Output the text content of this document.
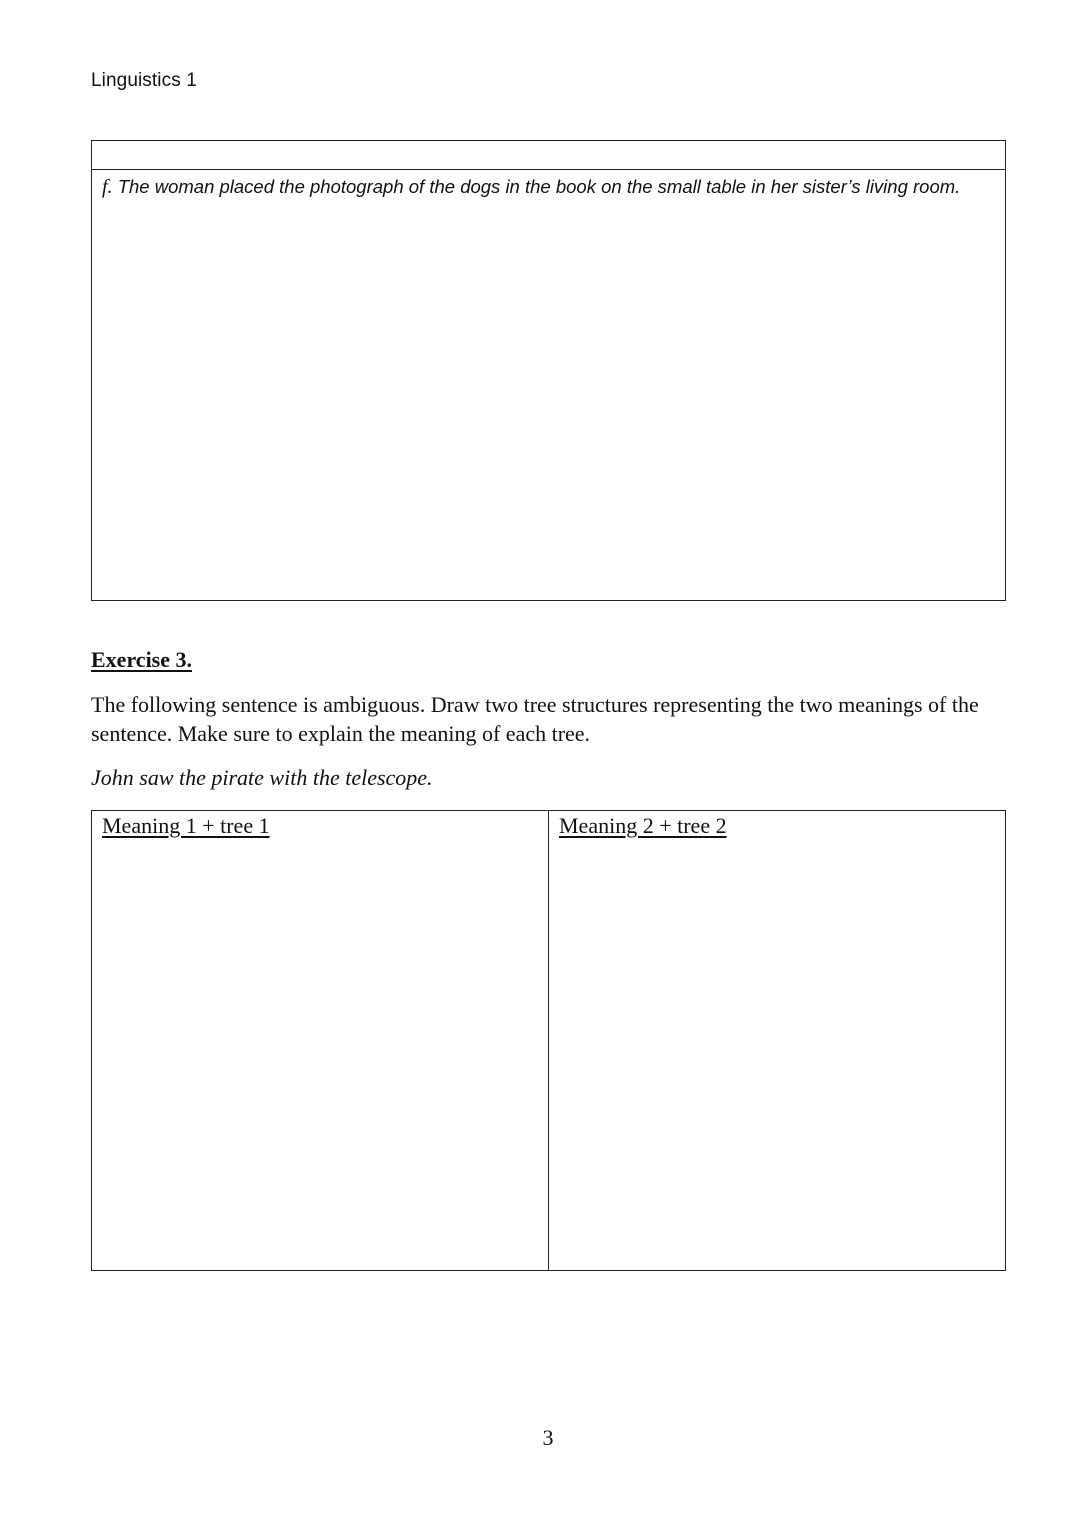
Linguistics 1
f. The woman placed the photograph of the dogs in the book on the small table in her sister’s living room.
Exercise 3.
The following sentence is ambiguous. Draw two tree structures representing the two meanings of the sentence. Make sure to explain the meaning of each tree.
John saw the pirate with the telescope.
Meaning 1 + tree 1	Meaning 2 + tree 2
3
